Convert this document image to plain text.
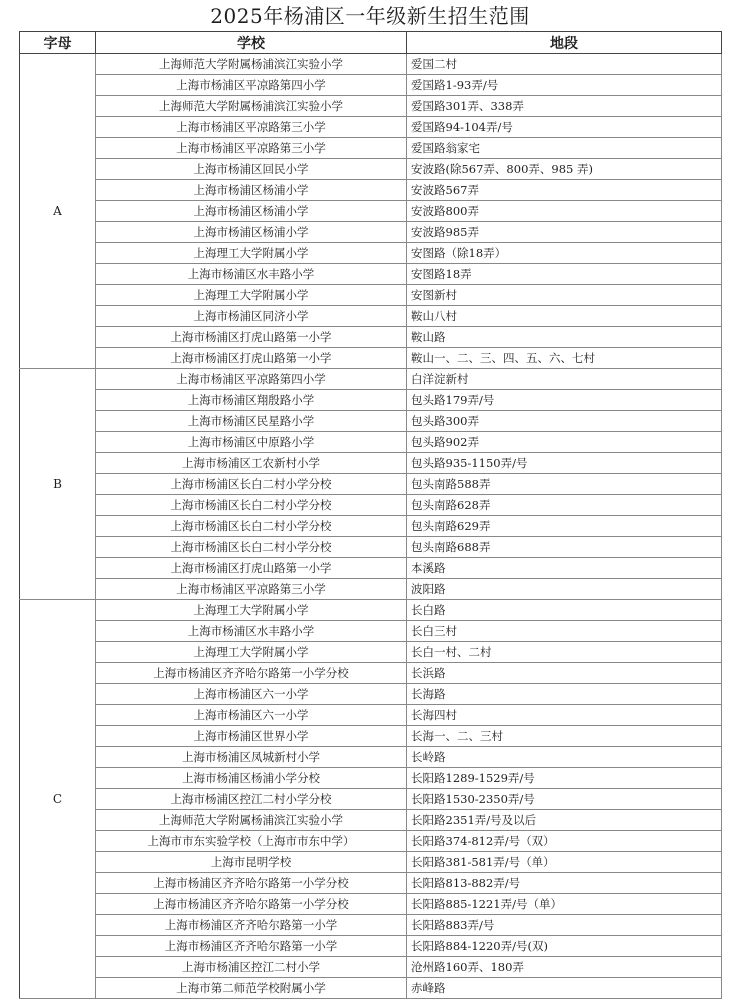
2025年杨浦区一年级新生招生范围
字母	学校	地段
A	上海师范大学附属杨浦滨江实验小学	爱国二村
	上海市杨浦区平凉路第四小学	爱国路1-93弄/号
	上海师范大学附属杨浦滨江实验小学	爱国路301弄、338弄
	上海市杨浦区平凉路第三小学	爱国路94-104弄/号
	上海市杨浦区平凉路第三小学	爱国路翁家宅
	上海市杨浦区回民小学	安波路(除567弄、800弄、985 弄)
	上海市杨浦区杨浦小学	安波路567弄
	上海市杨浦区杨浦小学	安波路800弄
	上海市杨浦区杨浦小学	安波路985弄
	上海理工大学附属小学	安图路（除18弄）
	上海市杨浦区水丰路小学	安图路18弄
	上海理工大学附属小学	安图新村
	上海市杨浦区同济小学	鞍山八村
	上海市杨浦区打虎山路第一小学	鞍山路
	上海市杨浦区打虎山路第一小学	鞍山一、二、三、四、五、六、七村
B	上海市杨浦区平凉路第四小学	白洋淀新村
	上海市杨浦区翔殷路小学	包头路179弄/号
	上海市杨浦区民星路小学	包头路300弄
	上海市杨浦区中原路小学	包头路902弄
	上海市杨浦区工农新村小学	包头路935-1150弄/号
	上海市杨浦区长白二村小学分校	包头南路588弄
	上海市杨浦区长白二村小学分校	包头南路628弄
	上海市杨浦区长白二村小学分校	包头南路629弄
	上海市杨浦区长白二村小学分校	包头南路688弄
	上海市杨浦区打虎山路第一小学	本溪路
	上海市杨浦区平凉路第三小学	波阳路
C	上海理工大学附属小学	长白路
	上海市杨浦区水丰路小学	长白三村
	上海理工大学附属小学	长白一村、二村
	上海市杨浦区齐齐哈尔路第一小学分校	长浜路
	上海市杨浦区六一小学	长海路
	上海市杨浦区六一小学	长海四村
	上海市杨浦区世界小学	长海一、二、三村
	上海市杨浦区凤城新村小学	长岭路
	上海市杨浦区杨浦小学分校	长阳路1289-1529弄/号
	上海市杨浦区控江二村小学分校	长阳路1530-2350弄/号
	上海师范大学附属杨浦滨江实验小学	长阳路2351弄/号及以后
	上海市市东实验学校（上海市市东中学）	长阳路374-812弄/号（双）
	上海市昆明学校	长阳路381-581弄/号（单）
	上海市杨浦区齐齐哈尔路第一小学分校	长阳路813-882弄/号
	上海市杨浦区齐齐哈尔路第一小学分校	长阳路885-1221弄/号（单）
	上海市杨浦区齐齐哈尔路第一小学	长阳路883弄/号
	上海市杨浦区齐齐哈尔路第一小学	长阳路884-1220弄/号(双)
	上海市杨浦区控江二村小学	沧州路160弄、180弄
	上海市第二师范学校附属小学	赤峰路
